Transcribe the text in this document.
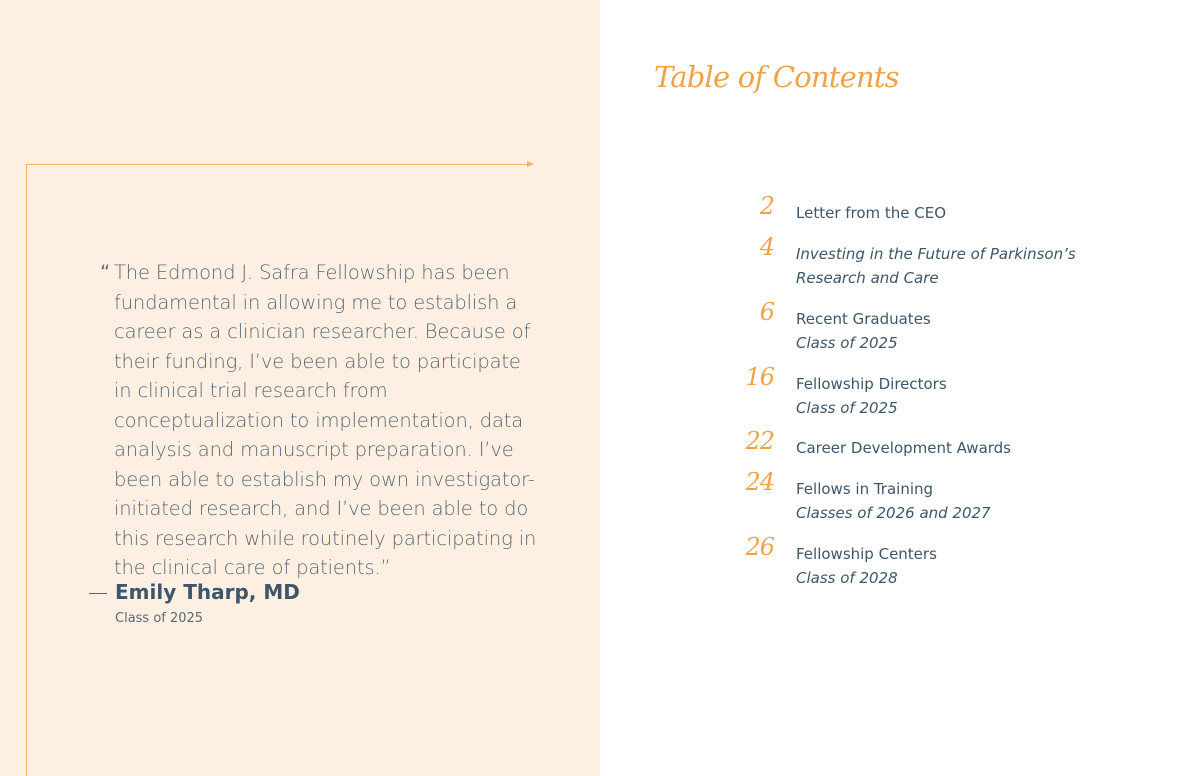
“ The Edmond J. Safra Fellowship has been fundamental in allowing me to establish a career as a clinician researcher. Because of their funding, I’ve been able to participate in clinical trial research from conceptualization to implementation, data analysis and manuscript preparation. I’ve been able to establish my own investigator-initiated research, and I’ve been able to do this research while routinely participating in the clinical care of patients.”

— Emily Tharp, MD
Class of 2025
Table of Contents
2 Letter from the CEO
4 Investing in the Future of Parkinson’s
Research and Care
6 Recent Graduates
Class of 2025
16 Fellowship Directors
Class of 2025
22 Career Development Awards
24 Fellows in Training
Classes of 2026 and 2027
26 Fellowship Centers
Class of 2028
